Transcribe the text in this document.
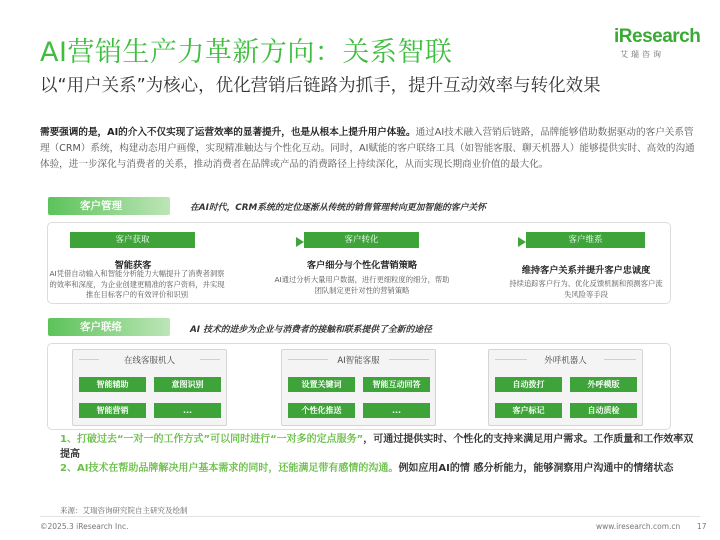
AI营销生产力革新方向：关系智联
iResearch
艾瑞咨询
以“用户关系”为核心，优化营销后链路为抓手，提升互动效率与转化效果
需要强调的是，AI的介入不仅实现了运营效率的显著提升，也是从根本上提升用户体验。通过AI技术融入营销后链路，品牌能够借助数据驱动的客户关系管理（CRM）系统，构建动态用户画像，实现精准触达与个性化互动。同时，AI赋能的客户联络工具（如智能客服、聊天机器人）能够提供实时、高效的沟通体验，进一步深化与消费者的关系，推动消费者在品牌或产品的消费路径上持续深化，从而实现长期商业价值的最大化。
客户管理	在AI时代，CRM系统的定位逐渐从传统的销售管理转向更加智能的客户关怀
客户获取	客户转化	客户维系
智能获客
AI凭借自动输入和智能分析能力大幅提升了消费者洞察的效率和深度，为企业创建更精准的客户资料，并实现推在目标客户的有效评价和识别
客户细分与个性化营销策略
AI通过分析大量用户数据，进行更细粒度的细分，帮助团队制定更针对性的营销策略
维持客户关系并提升客户忠诚度
持续追踪客户行为、优化反馈机制和预测客户流失风险等手段
客户联络	AI 技术的进步为企业与消费者的接触和联系提供了全新的途径
在线客服机人
智能辅助	意图识别
智能营销	...
AI智能客服
设置关键词	智能互动回答
个性化推送	...
外呼机器人
自动拨打	外呼模版
客户标记	自动质检
1、打破过去“一对一的工作方式”可以同时进行“一对多的定点服务”，可通过提供实时、个性化的支持来满足用户需求。工作质量和工作效率双提高
2、AI技术在帮助品牌解决用户基本需求的同时，还能满足带有感情的沟通。例如应用AI的情 感分析能力，能够洞察用户沟通中的情绪状态
来源：艾瑞咨询研究院自主研究及绘制
©2025.3 iResearch Inc.	www.iresearch.com.cn 17
